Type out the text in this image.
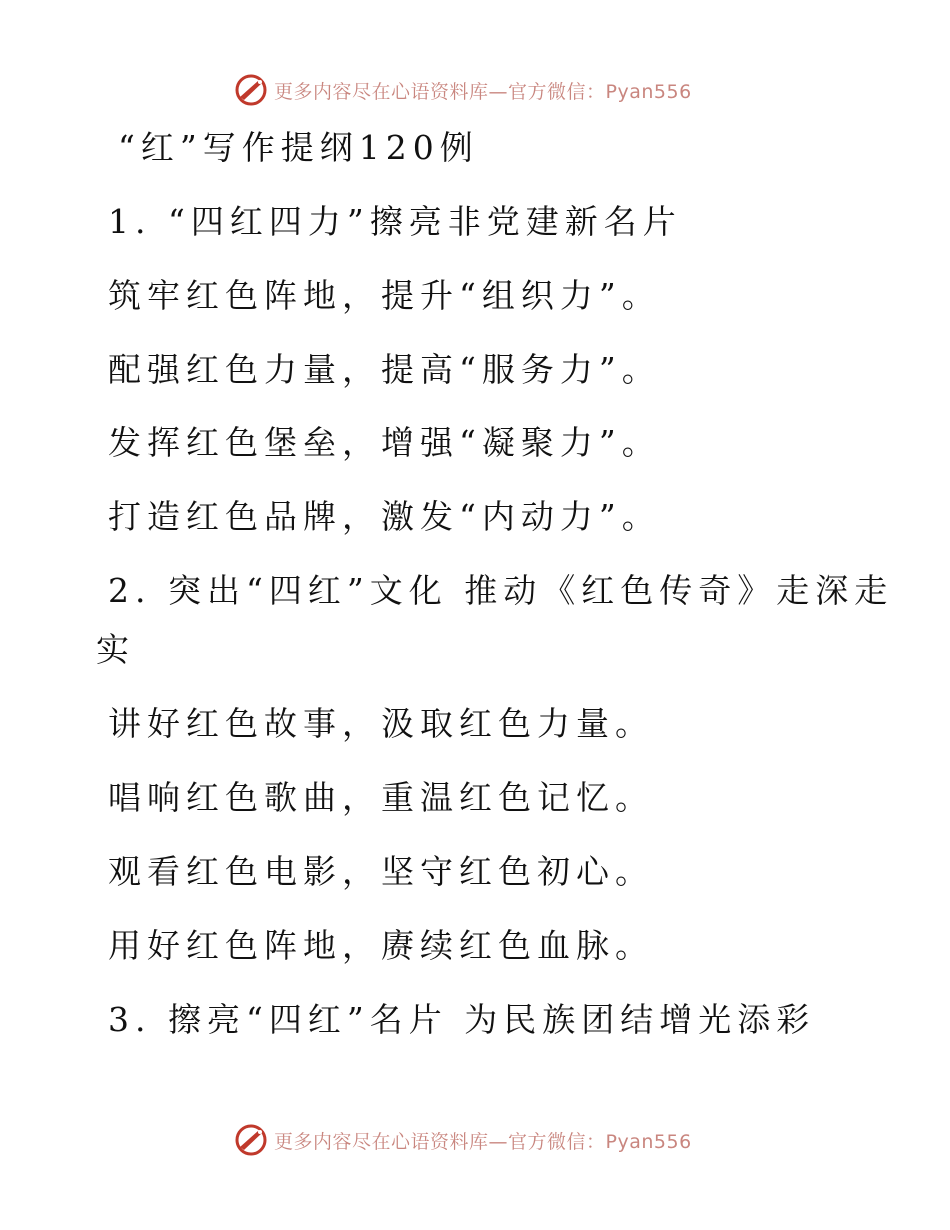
更多内容尽在心语资料库—官方微信：Pyan556
“红”写作提纲120例
1. “四红四力”擦亮非党建新名片
筑牢红色阵地，提升“组织力”。
配强红色力量，提高“服务力”。
发挥红色堡垒，增强“凝聚力”。
打造红色品牌，激发“内动力”。
2. 突出“四红”文化 推动《红色传奇》走深走
实
讲好红色故事，汲取红色力量。
唱响红色歌曲，重温红色记忆。
观看红色电影，坚守红色初心。
用好红色阵地，赓续红色血脉。
3. 擦亮“四红”名片 为民族团结增光添彩
更多内容尽在心语资料库—官方微信：Pyan556
